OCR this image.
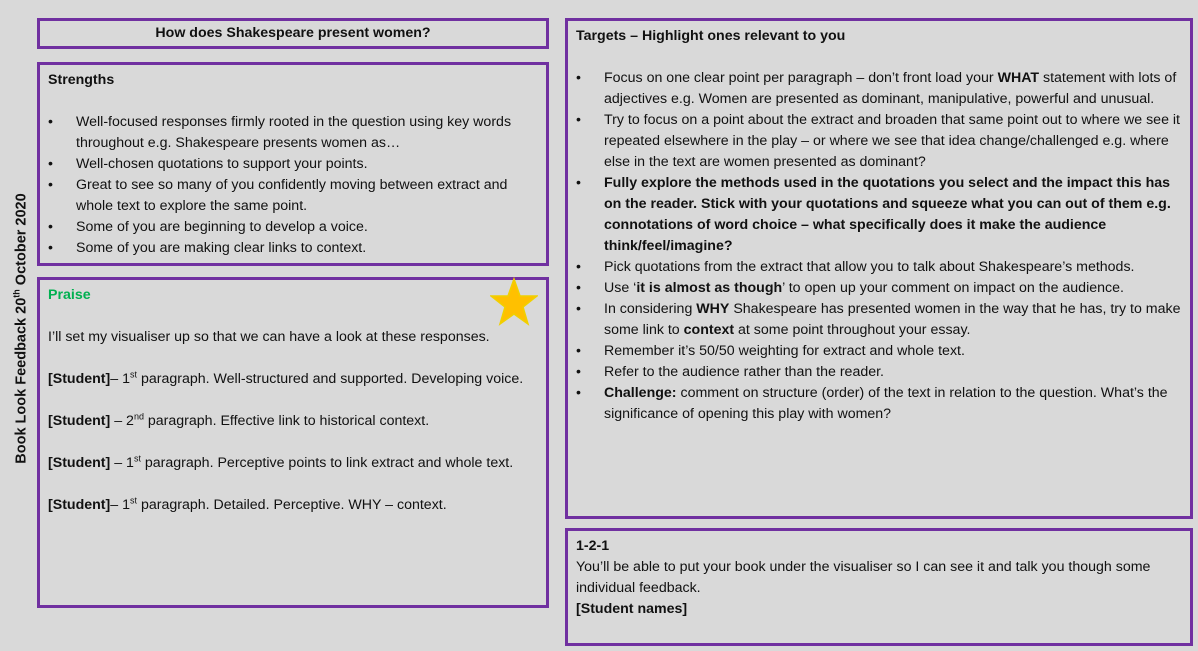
Book Look Feedback 20th October 2020
How does Shakespeare present women?
Strengths
• Well-focused responses firmly rooted in the question using key words throughout e.g. Shakespeare presents women as…
• Well-chosen quotations to support your points.
• Great to see so many of you confidently moving between extract and whole text to explore the same point.
• Some of you are beginning to develop a voice.
• Some of you are making clear links to context.
Praise

I’ll set my visualiser up so that we can have a look at these responses.

[Student]– 1st paragraph. Well-structured and supported. Developing voice.

[Student] – 2nd paragraph. Effective link to historical context.

[Student] – 1st paragraph. Perceptive points to link extract and whole text.

[Student]– 1st paragraph. Detailed. Perceptive. WHY – context.

Targets – Highlight ones relevant to you
• Focus on one clear point per paragraph – don’t front load your WHAT statement with lots of adjectives e.g. Women are presented as dominant, manipulative, powerful and unusual.
• Try to focus on a point about the extract and broaden that same point out to where we see it repeated elsewhere in the play – or where we see that idea change/challenged e.g. where else in the text are women presented as dominant?
• Fully explore the methods used in the quotations you select and the impact this has on the reader. Stick with your quotations and squeeze what you can out of them e.g. connotations of word choice – what specifically does it make the audience think/feel/imagine?
• Pick quotations from the extract that allow you to talk about Shakespeare’s methods.
• Use ‘it is almost as though’ to open up your comment on impact on the audience.
• In considering WHY Shakespeare has presented women in the way that he has, try to make some link to context at some point throughout your essay.
• Remember it’s 50/50 weighting for extract and whole text.
• Refer to the audience rather than the reader.
• Challenge: comment on structure (order) of the text in relation to the question. What’s the significance of opening this play with women?
1-2-1
You’ll be able to put your book under the visualiser so I can see it and talk you though some individual feedback.
[Student names]
